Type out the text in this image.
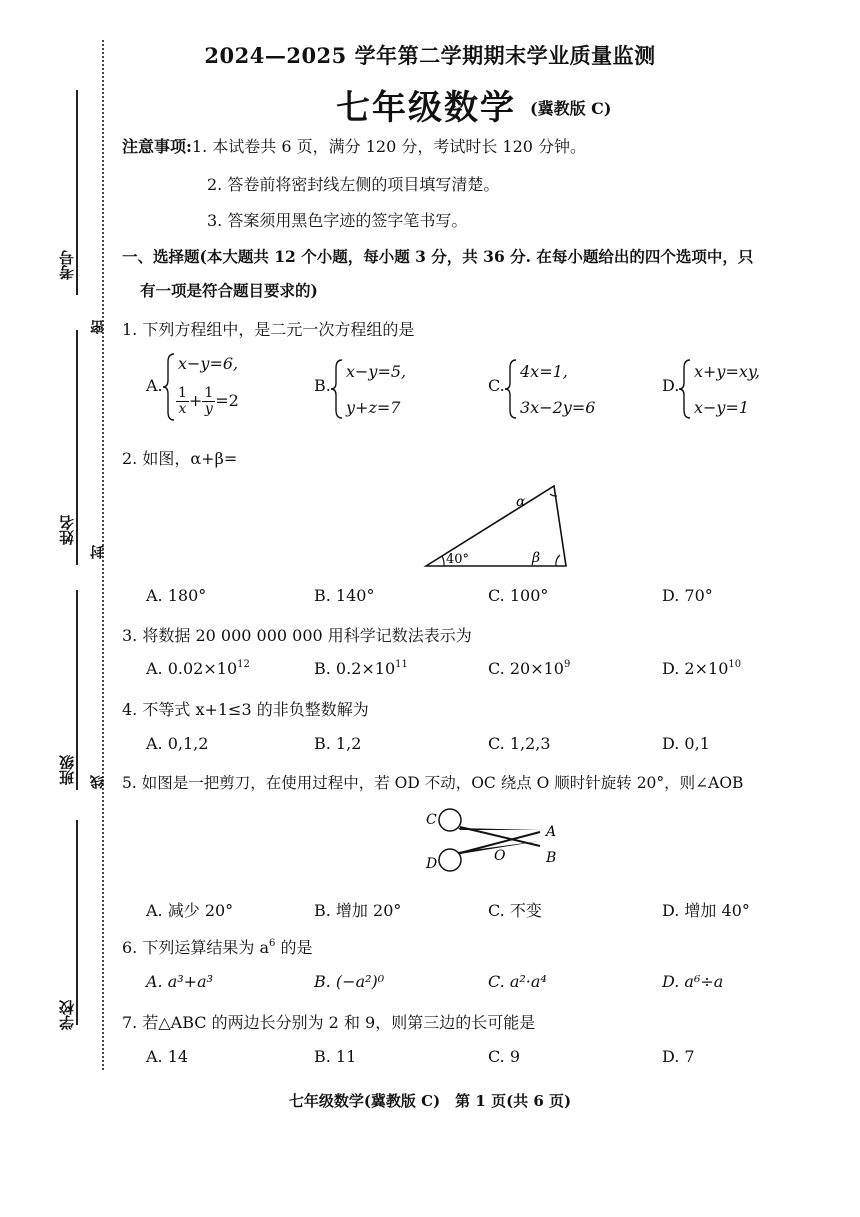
考号
姓名
班级
学校
密
封
线
2024—2025 学年第二学期期末学业质量监测
七年级数学 (冀教版 C)
注意事项:1. 本试卷共 6 页，满分 120 分，考试时长 120 分钟。
2. 答卷前将密封线左侧的项目填写清楚。
3. 答案须用黑色字迹的签字笔书写。
一、选择题(本大题共 12 个小题，每小题 3 分，共 36 分. 在每小题给出的四个选项中，只
有一项是符合题目要求的)
1. 下列方程组中，是二元一次方程组的是
A.
x−y=6,
$\frac{1}{x} + \frac{1}{y} =2$
B.
x−y=5,
y+z=7
C.
4x=1,
3x−2y=6
D.
x+y=xy,
x−y=1
2. 如图，α+β=
40°
α
β
A. 180°	B. 140°	C. 100°	D. 70°
3. 将数据 20 000 000 000 用科学记数法表示为
A. $0.02\times 10^{12}$	B. $0.2\times 10^{11}$	C. $20\times 10^9$	D. $2\times 10^{10}$
4. 不等式 x+1≤3 的非负整数解为
A. 0,1,2	B. 1,2	C. 1,2,3	D. 0,1
5. 如图是一把剪刀，在使用过程中，若 OD 不动，OC 绕点 O 顺时针旋转 20°，则∠AOB
C
D	O
A
B
A. 减少 20°	B. 增加 20°	C. 不变	D. 增加 40°
6. 下列运算结果为 $a^6$ 的是
A. a³+a³	B. (−a²)⁰	C. a²·a⁴	D. a⁶÷a
7. 若△ABC 的两边长分别为 2 和 9，则第三边的长可能是
A. 14	B. 11	C. 9	D. 7
七年级数学(冀教版 C)　第 1 页(共 6 页)
